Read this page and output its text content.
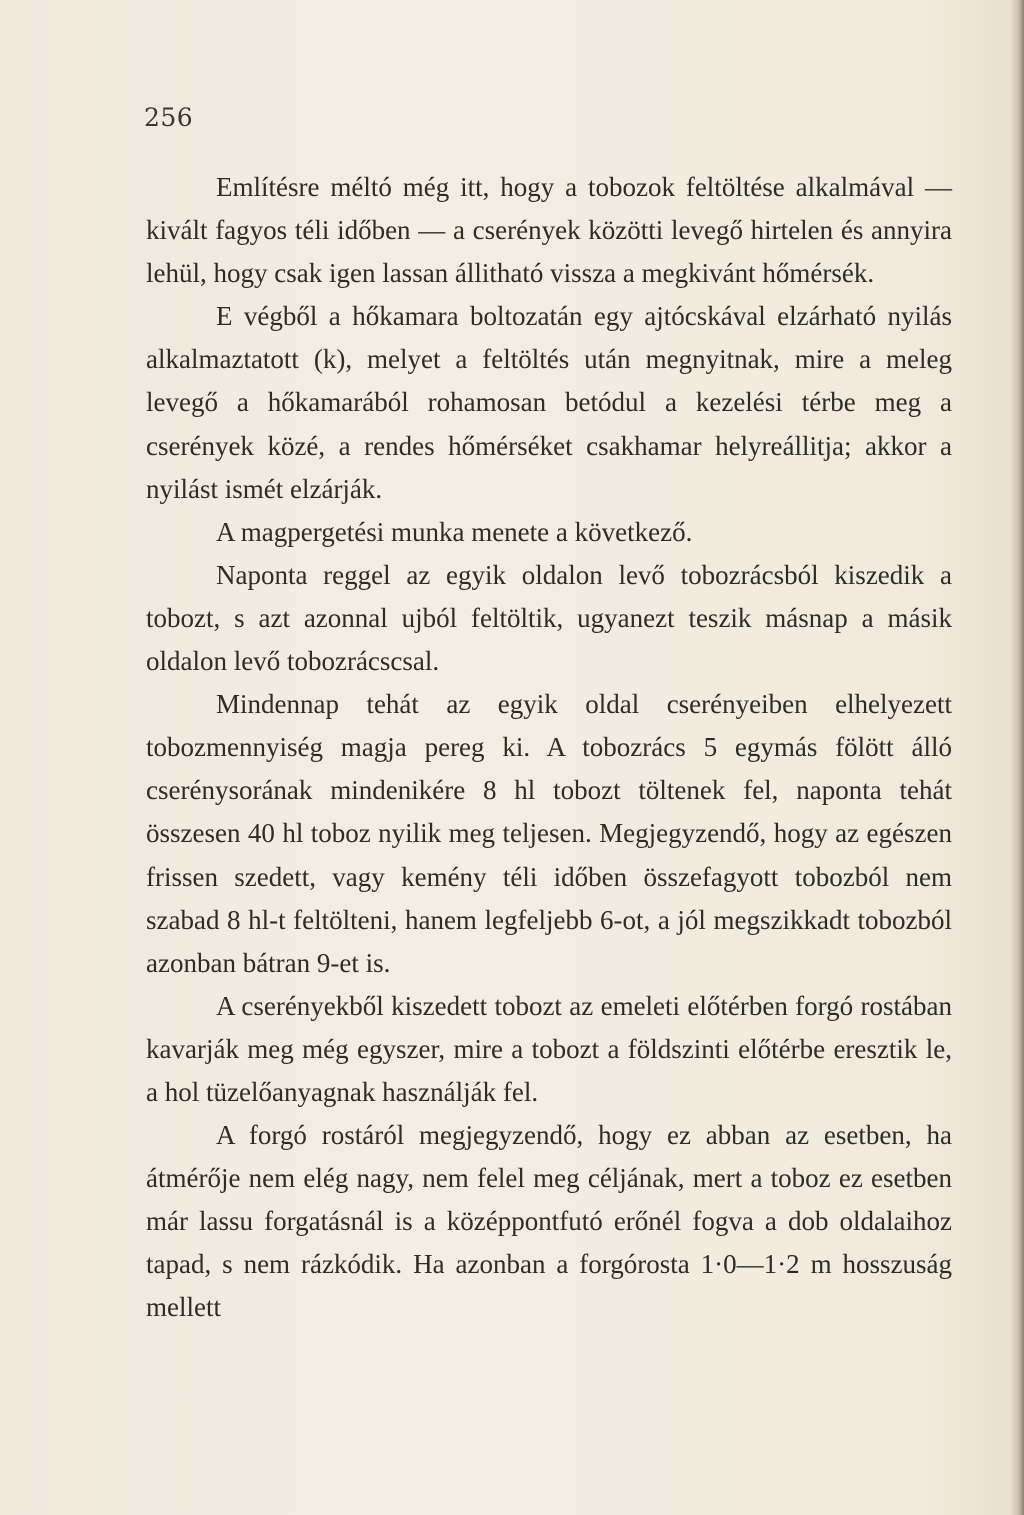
256

Említésre méltó még itt, hogy a tobozok feltöltése alkalmával — kivált fagyos téli időben — a cserények közötti levegő hirtelen és annyira lehül, hogy csak igen lassan állitható vissza a megkivánt hőmérsék.

E végből a hőkamara boltozatán egy ajtócskával elzárható nyilás alkalmaztatott (k), melyet a feltöltés után megnyitnak, mire a meleg levegő a hőkamarából rohamosan betódul a kezelési térbe meg a cserények közé, a rendes hőmérséket csakhamar helyreállitja; akkor a nyilást ismét elzárják.

A magpergetési munka menete a következő.

Naponta reggel az egyik oldalon levő tobozrácsból kiszedik a tobozt, s azt azonnal ujból feltöltik, ugyanezt teszik másnap a másik oldalon levő tobozrácscsal.

Mindennap tehát az egyik oldal cserényeiben elhelyezett tobozmennyiség magja pereg ki. A tobozrács 5 egymás fölött álló cserénysorának mindenikére 8 hl tobozt töltenek fel, naponta tehát összesen 40 hl toboz nyilik meg teljesen. Megjegyzendő, hogy az egészen frissen szedett, vagy kemény téli időben összefagyott tobozból nem szabad 8 hl-t feltölteni, hanem legfeljebb 6-ot, a jól megszikkadt tobozból azonban bátran 9-et is.

A cserényekből kiszedett tobozt az emeleti előtérben forgó rostában kavarják meg még egyszer, mire a tobozt a földszinti előtérbe eresztik le, a hol tüzelőanyagnak használják fel.

A forgó rostáról megjegyzendő, hogy ez abban az esetben, ha átmérője nem elég nagy, nem felel meg céljának, mert a toboz ez esetben már lassu forgatásnál is a középpontfutó erőnél fogva a dob oldalaihoz tapad, s nem rázkódik. Ha azonban a forgórosta 1·0—1·2 m hosszuság mellett
